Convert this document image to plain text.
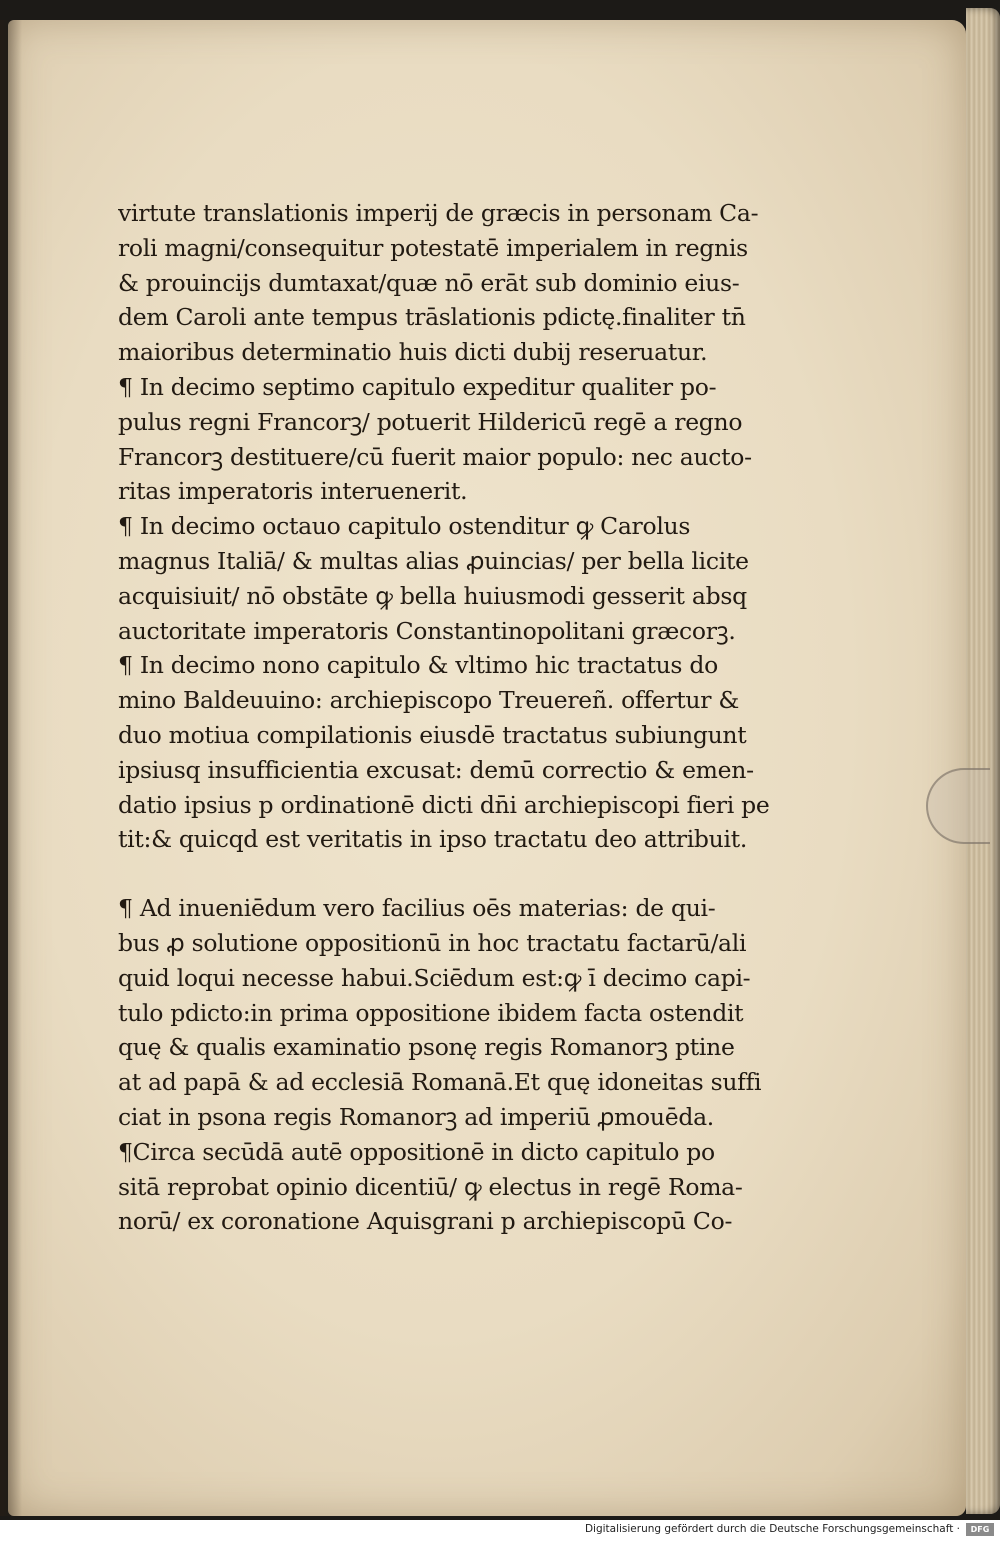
virtute translationis imperij de græcis in personam Ca-
roli magni/consequitur potestatē imperialem in regnis
& prouincijs dumtaxat/quæ nō erāt sub dominio eius-
dem Caroli ante tempus trāslationis pdictę.finaliter tn̄
maioribus determinatio huis dicti dubij reseruatur.
¶ In decimo septimo capitulo expeditur qualiter po-
pulus regni Francorꝫ/ potuerit Hildericū regē a regno
Francorꝫ destituere/cū fuerit maior populo: nec aucto-
ritas imperatoris interuenerit.
¶ In decimo octauo capitulo ostenditur ꝙ Carolus
magnus Italiā/ & multas alias ꝓuincias/ per bella licite
acquisiuit/ nō obstāte ꝙ bella huiusmodi gesserit absq
auctoritate imperatoris Constantinopolitani græcorꝫ.
¶ In decimo nono capitulo & vltimo hic tractatus do
mino Baldeuuino: archiepiscopo Treuereñ. offertur &
duo motiua compilationis eiusdē tractatus subiungunt
ipsiusq insufficientia excusat: demū correctio & emen-
datio ipsius p ordinationē dicti dn̄i archiepiscopi fieri pe
tit:& quicqd est veritatis in ipso tractatu deo attribuit.
¶ Ad inueniēdum vero facilius oēs materias: de qui-
bus ꝓ solutione oppositionū in hoc tractatu factarū/ali
quid loqui necesse habui.Sciēdum est:ꝙ ī decimo capi-
tulo pdicto:in prima oppositione ibidem facta ostendit
quę & qualis examinatio psonę regis Romanorꝫ ptine
at ad papā & ad ecclesiā Romanā.Et quę idoneitas suffi
ciat in psona regis Romanorꝫ ad imperiū ꝓmouēda.
¶Circa secūdā autē oppositionē in dicto capitulo po
sitā reprobat opinio dicentiū/ ꝙ electus in regē Roma-
norū/ ex coronatione Aquisgrani p archiepiscopū Co-
Digitalisierung gefördert durch die Deutsche Forschungsgemeinschaft ·	DFG
